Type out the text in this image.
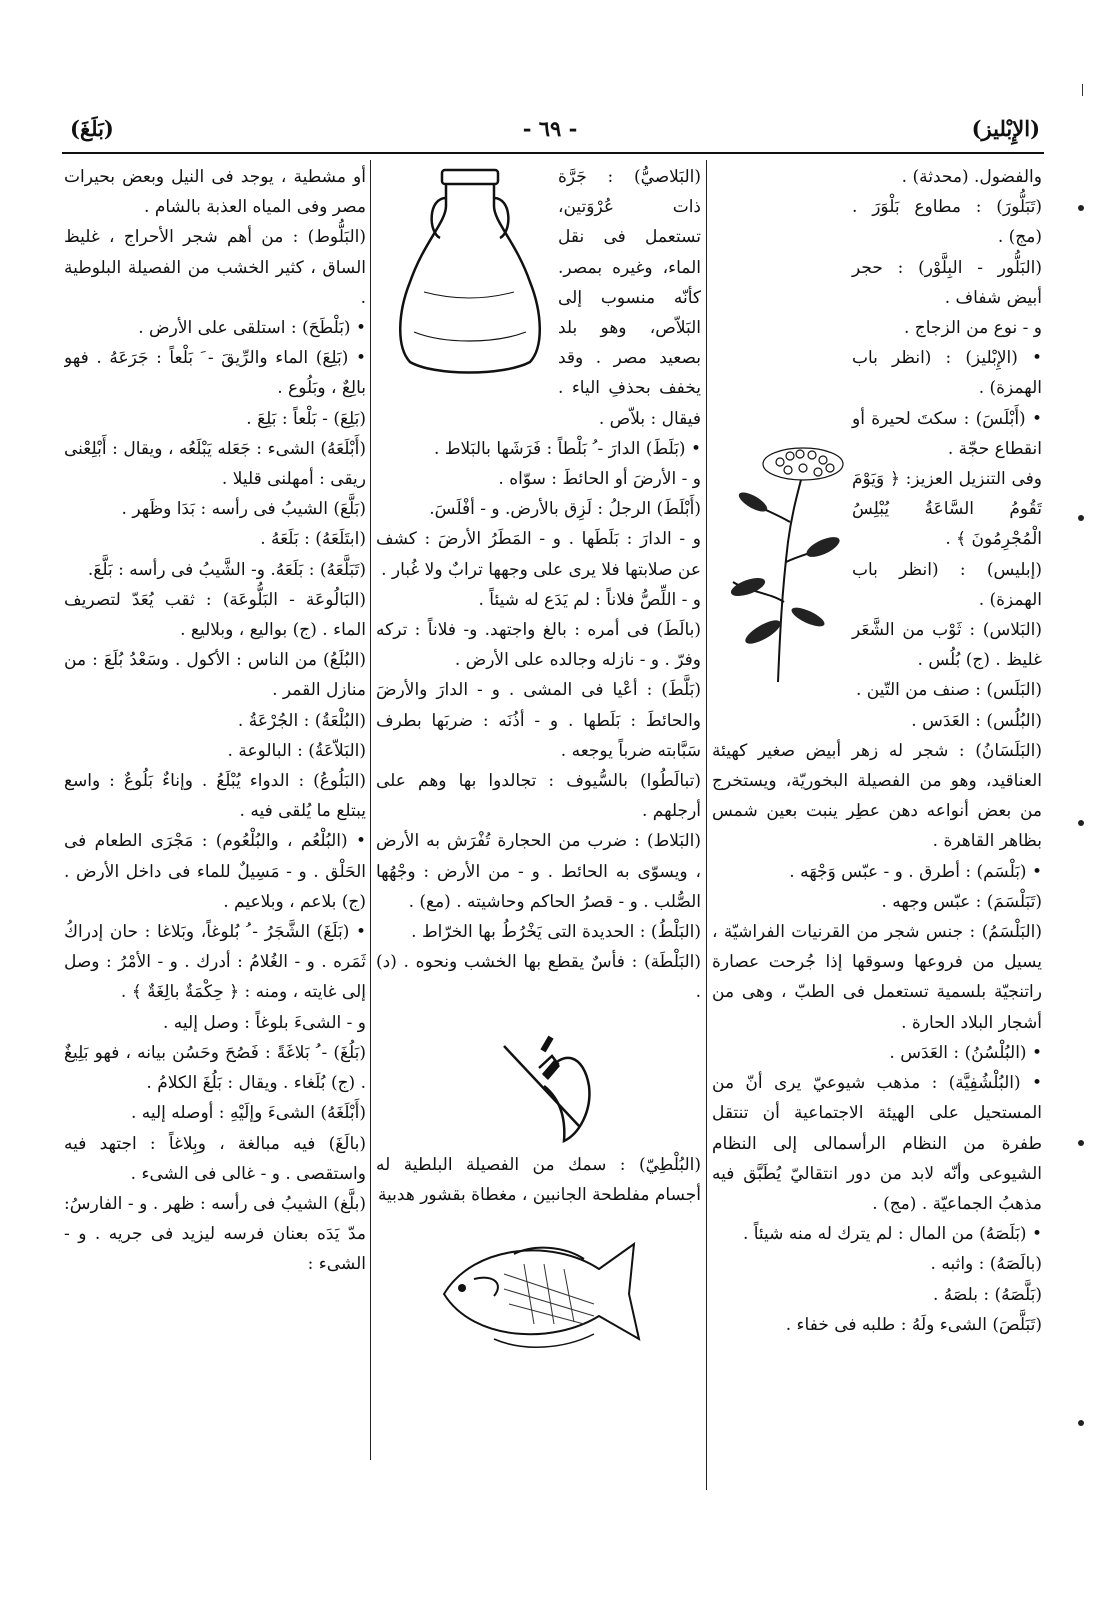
(الإِبْليز)
- ٦٩ -
(بَلَغَ)

والفضول. (محدثة) .

(تَبَلُّورَ) : مطاوع بَلْوَرَ . (مج) .

(البَلُّور - البِلَّوْر) : حجر أبيض شفاف .

و - نوع من الزجاج .

• (الإِبْليز) : (انظر باب الهمزة) .

• (أَبْلَسَ) : سكتَ لحيرة أو انقطاع حجّة .

وفى التنزيل العزيز: ﴿ وَيَوْمَ تَقُومُ السَّاعَةُ يُبْلِسُ الْمُجْرِمُونَ ﴾ .

(إبليس) : (انظر باب الهمزة) .

(البَلاس) : ثَوْب من الشَّعَر غليظ . (ج) بُلُس .

(البَلَس) : صنف من التّين .

(البُلُس) : العَدَس .

(البَلَسَانُ) : شجر له زهر أبيض صغير كهيئة العناقيد، وهو من الفصيلة البخوريّة، ويستخرج من بعض أنواعه دهن عطِر ينبت بعين شمس بظاهر القاهرة .

• (بَلْسَم) : أطرق . و - عبّس وَجْهَه .

(تَبَلْسَمَ) : عبّس وجهه .

(البَلْسَمُ) : جنس شجر من القرنيات الفراشيّة ، يسيل من فروعها وسوقها إذا جُرحت عصارة راتنجيّة بلسمية تستعمل فى الطبّ ، وهى من أشجار البلاد الحارة .

• (البُلْسُنُ) : العَدَس .

• (البُلْشُفِيَّة) : مذهب شيوعيّ يرى أنّ من المستحيل على الهيئة الاجتماعية أن تنتقل طفرة من النظام الرأسمالى إلى النظام الشيوعى وأنّه لابد من دور انتقاليّ يُطَبَّق فيه مذهبُ الجماعيّة . (مج) .

• (بَلَصَهُ) من المال : لم يترك له منه شيئاً .

(بالَصَهُ) : واثبه .

(بَلَّصَهُ) : بلصَهُ .

(تَبَلَّصَ) الشىء ولَهُ : طلبه فى خفاء .

(البَلاصيُّ) : جَرَّة ذات عُرْوَتين، تستعمل فى نقل الماء، وغيره بمصر. كأنّه منسوب إلى البَلاّص، وهو بلد بصعيد مصر . وقد يخفف بحذفِ الياء . فيقال : بلاّص .

• (بَلَطَ) الدارَ - ُ بَلْطاً : فَرَشَها بالبَلاط .

و - الأرضَ أو الحائطَ : سوّاه .

(أَبْلَطَ) الرجلُ : لَزِق بالأرض. و - أفْلَسَ.

و - الدارَ : بَلَطَها . و - المَطَرُ الأرضَ : كشف عن صلابتها فلا يرى على وجهها ترابٌ ولا غُبار .

و - اللِّصُّ فلاناً : لم يَدَع له شيئاً .

(بالَطَ) فى أمره : بالغ واجتهد. و- فلاناً : تركه وفرّ . و - نازله وجالده على الأرض .

(بَلَّطَ) : أعْيا فى المشى . و - الدارَ والأرضَ والحائطَ : بَلَطها . و - أذُنَه : ضربَها بطرف سَبَّابته ضرباً يوجعه .

(تبالَطُوا) بالسُّيوف : تجالدوا بها وهم على أرجلهم .

(البَلاط) : ضرب من الحجارة تُفْرَش به الأرض ، ويسوّى به الحائط . و - من الأرض : وجْهُها الصُّلب . و - قصرُ الحاكم وحاشيته . (مع) .

(البَلْطُ) : الحديدة التى يَخْرُطُ بها الخرّاط .

(البَلْطَة) : فأسٌ يقطع بها الخشب ونحوه . (د) .

(البُلْطِيّ) : سمك من الفصيلة البلطية له أجسام مفلطحة الجانبين ، مغطاة بقشور هدبية

أو مشطية ، يوجد فى النيل وبعض بحيرات مصر وفى المياه العذبة بالشام .

(البَلُّوط) : من أهم شجر الأحراج ، غليظ الساق ، كثير الخشب من الفصيلة البلوطية .

• (بَلْطَحَ) : استلقى على الأرض .

• (بَلِعَ) الماء والرِّيقَ - َ بَلْعاً : جَرَعَهُ . فهو بالِعٌ ، وبَلُوع .

(بَلِعَ) - بَلْعاً : بَلِعَ .

(أَبْلَعَهُ) الشىء : جَعَله يَبْلَعُه ، ويقال : أَبْلِعْنى ريقى : أمهلنى قليلا .

(بَلَّعَ) الشيبُ فى رأسه : بَدَا وظَهر .

(ابتَلَعَهُ) : بَلَعَهُ .

(تَبَلَّعَهُ) : بَلَعَهُ. و- الشَّيبُ فى رأسه : بَلَّعَ.

(البَالُوعَة - البَلُّوعَة) : ثقب يُعَدّ لتصريف الماء . (ج) بواليع ، وبلاليع .

(البُلَعُ) من الناس : الأكول . وسَعْدُ بُلَعَ : من منازل القمر .

(البُلْعَةُ) : الجُرْعَةُ .

(البَلاّعَةُ) : البالوعة .

(البَلُوعُ) : الدواء يُبْلَعُ . وإناءٌ بَلُوعٌ : واسع يبتلع ما يُلقى فيه .

• (البُلْعُم ، والبُلْعُوم) : مَجْرَى الطعام فى الحَلْق . و - مَسِيلٌ للماء فى داخل الأرض . (ج) بلاعم ، وبلاعيم .

• (بَلَغَ) الشَّجَرُ - ُ بُلوغاً، وبَلاغا : حان إدراكُ ثَمَره . و - الغُلامُ : أدرك . و - الأمْرُ : وصل إلى غايته ، ومنه : ﴿ حِكْمَةٌ بالِغَةٌ ﴾ .

و - الشىءَ بلوغاً : وصل إليه .

(بَلُغَ) - ُ بَلاغَةً : فَصُحَ وحَسُن بيانه ، فهو بَلِيغٌ . (ج) بُلَغاء . ويقال : بَلُغَ الكلامُ .

(أَبْلَغَهُ) الشىءَ وإلَيْهِ : أوصله إليه .

(بالَغَ) فيه مبالغة ، وبِلاغاً : اجتهد فيه واستقصى . و - غالى فى الشىء .

(بلَّغ) الشيبُ فى رأسه : ظهر . و - الفارسُ: مدّ يَدَه بعنان فرسه ليزيد فى جريه . و - الشىء :
